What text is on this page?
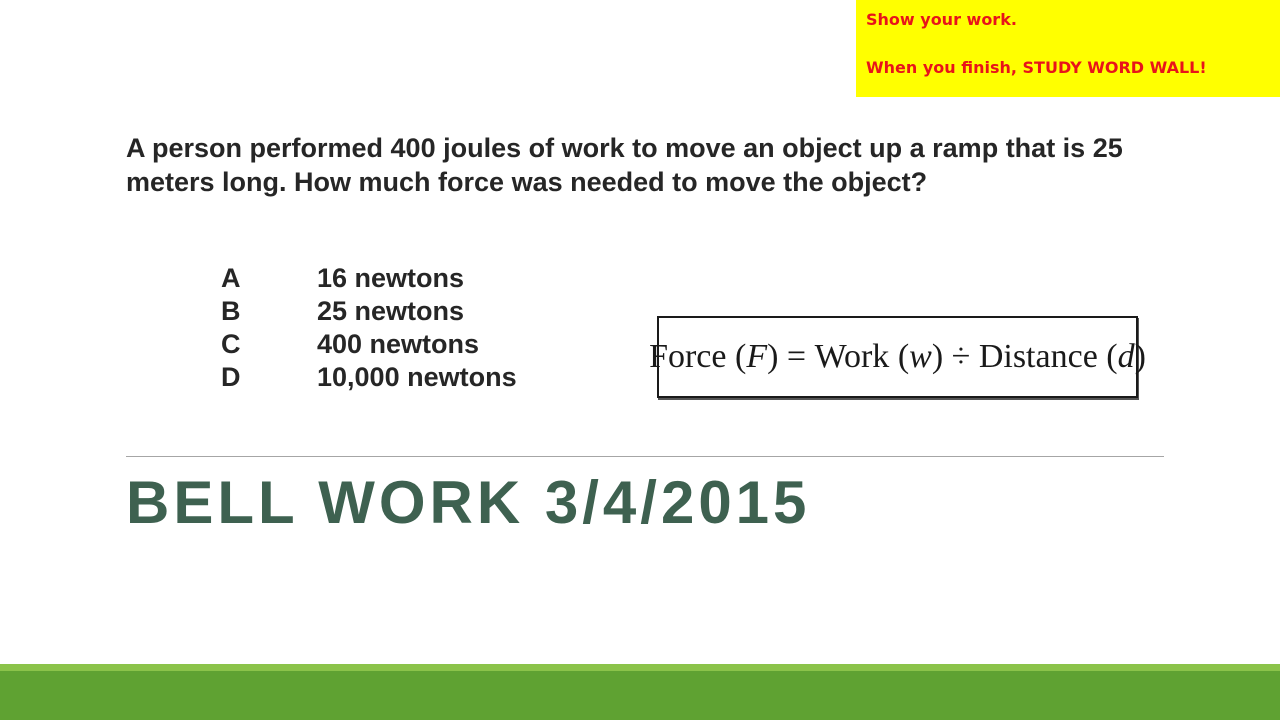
Show your work.

When you finish, STUDY WORD WALL!

A person performed 400 joules of work to move an object up a ramp that is 25 meters long. How much force was needed to move the object?

A	16 newtons
B	25 newtons
C	400 newtons
D	10,000 newtons
Force ( F ) =
Work ( w ) ÷
Distance ( d )
BELL WORK 3/4/2015
